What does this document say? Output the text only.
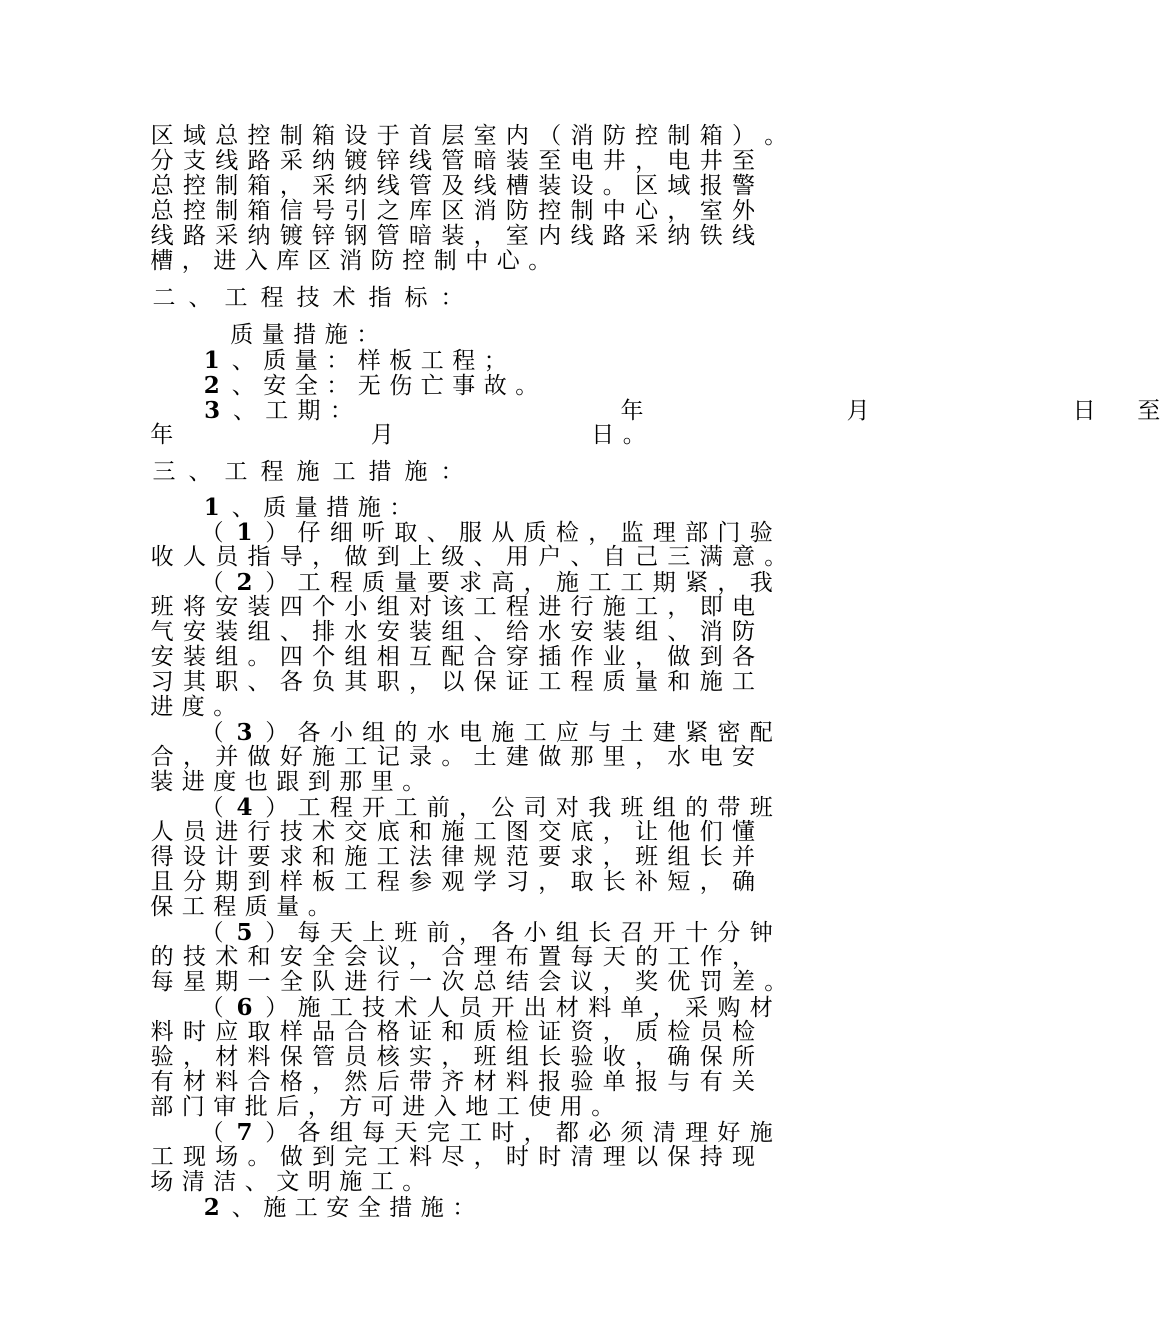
区 域 总 控 制 箱 设 于 首 层 室 内 （ 消 防 控 制 箱 ） 。
分 支 线 路 采 纳 镀 锌 线 管 暗 装 至 电 井 ， 电 井 至
总 控 制 箱 ， 采 纳 线 管 及 线 槽 装 设 。 区 域 报 警
总 控 制 箱 信 号 引 之 库 区 消 防 控 制 中 心 ， 室 外
线 路 采 纳 镀 锌 钢 管 暗 装 ， 室 内 线 路 采 纳 铁 线
槽 ， 进 入 库 区 消 防 控 制 中 心 。
二 、 工 程 技 术 指 标 ：
质 量 措 施 ：
1 、 质 量 ： 样 板 工 程 ；
2 、 安 全 ： 无 伤 亡 事 故 。
3 、 工 期 ：	年	月	日 至
年	月	日 。
三 、 工 程 施 工 措 施 ：
1 、 质 量 措 施 ：
（ 1 ） 仔 细 听 取 、 服 从 质 检 ， 监 理 部 门 验
收 人 员 指 导 ， 做 到 上 级 、 用 户 、 自 己 三 满 意 。
（ 2 ） 工 程 质 量 要 求 高 ， 施 工 工 期 紧 ， 我
班 将 安 装 四 个 小 组 对 该 工 程 进 行 施 工 ， 即 电
气 安 装 组 、 排 水 安 装 组 、 给 水 安 装 组 、 消 防
安 装 组 。 四 个 组 相 互 配 合 穿 插 作 业 ， 做 到 各
习 其 职 、 各 负 其 职 ， 以 保 证 工 程 质 量 和 施 工
进 度 。
（ 3 ） 各 小 组 的 水 电 施 工 应 与 土 建 紧 密 配
合 ， 并 做 好 施 工 记 录 。 土 建 做 那 里 ， 水 电 安
装 进 度 也 跟 到 那 里 。
（ 4 ） 工 程 开 工 前 ， 公 司 对 我 班 组 的 带 班
人 员 进 行 技 术 交 底 和 施 工 图 交 底 ， 让 他 们 懂
得 设 计 要 求 和 施 工 法 律 规 范 要 求 ， 班 组 长 并
且 分 期 到 样 板 工 程 参 观 学 习 ， 取 长 补 短 ， 确
保 工 程 质 量 。
（ 5 ） 每 天 上 班 前 ， 各 小 组 长 召 开 十 分 钟
的 技 术 和 安 全 会 议 ， 合 理 布 置 每 天 的 工 作 ，
每 星 期 一 全 队 进 行 一 次 总 结 会 议 ， 奖 优 罚 差 。
（ 6 ） 施 工 技 术 人 员 开 出 材 料 单 ， 采 购 材
料 时 应 取 样 品 合 格 证 和 质 检 证 资 ， 质 检 员 检
验 ， 材 料 保 管 员 核 实 ， 班 组 长 验 收 ， 确 保 所
有 材 料 合 格 ， 然 后 带 齐 材 料 报 验 单 报 与 有 关
部 门 审 批 后 ， 方 可 进 入 地 工 使 用 。
（ 7 ） 各 组 每 天 完 工 时 ， 都 必 须 清 理 好 施
工 现 场 。 做 到 完 工 料 尽 ， 时 时 清 理 以 保 持 现
场 清 洁 、 文 明 施 工 。
2 、 施 工 安 全 措 施 ：
